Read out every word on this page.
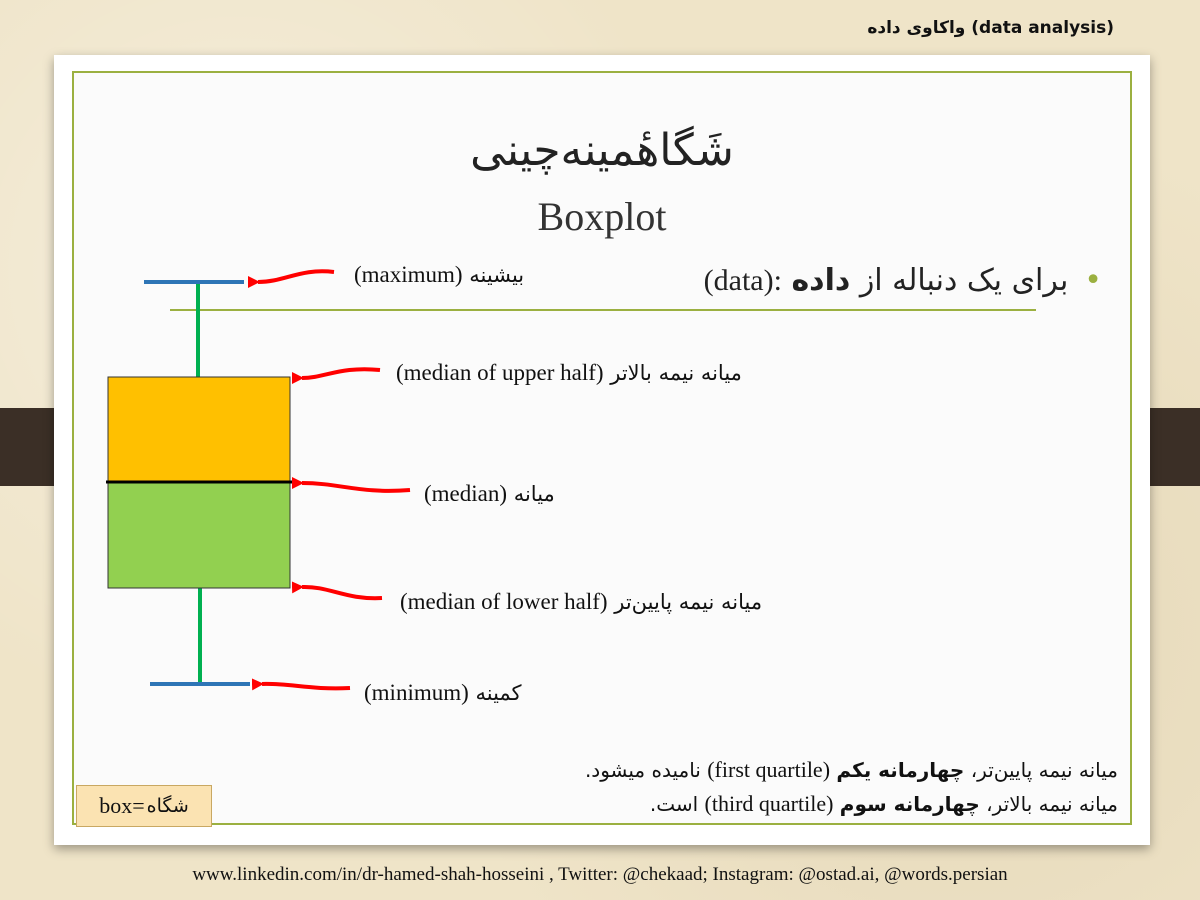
واکاوی داده (data analysis)
شَگاهٔمینه‌چینی
Boxplot
•برای یک دنباله از داده (data):
بیشینه (maximum)
میانه نیمه بالاتر (median of upper half)
میانه (median)
میانه نیمه پایین‌تر (median of lower half)
کمینه (minimum)
میانه نیمه پایین‌تر، چهارمانه یکم (first quartile) نامیده میشود.
میانه نیمه بالاتر، چهارمانه سوم (third quartile) است.
box= شگاه
www.linkedin.com/in/dr-hamed-shah-hosseini , Twitter: @chekaad; Instagram: @ostad.ai, @words.persian
